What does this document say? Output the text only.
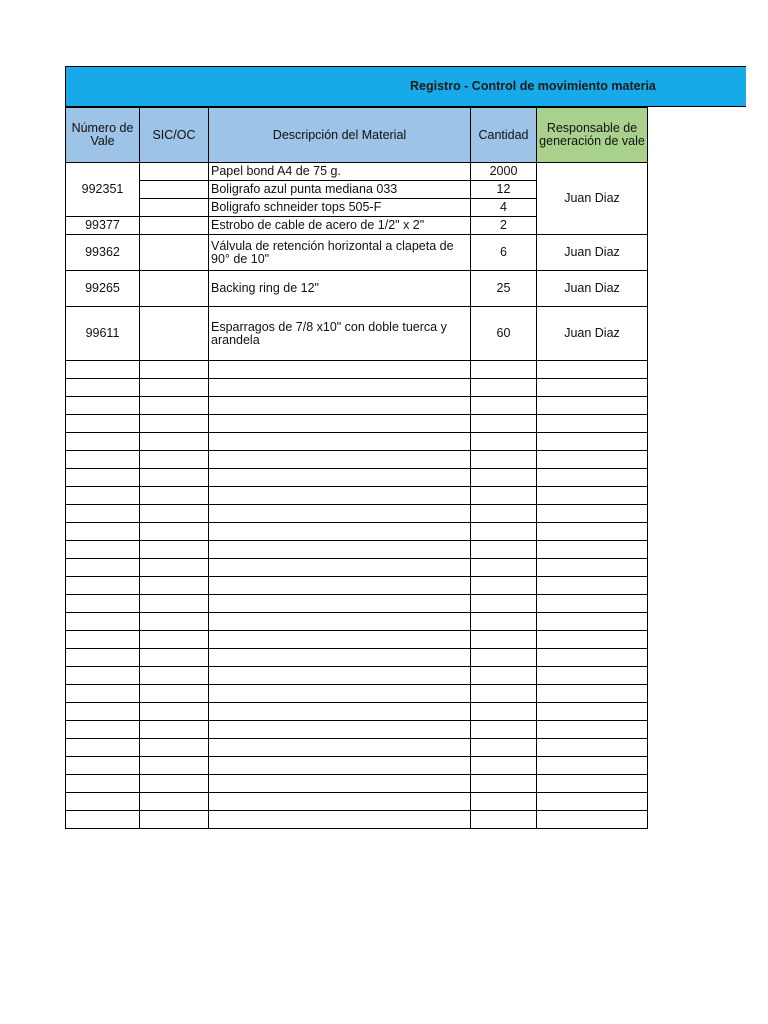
Registro - Control de movimiento materia
Número de Vale	SIC/OC	Descripción del Material	Cantidad	Responsable de generación de vale
992351		Papel bond A4 de 75 g.	2000	Juan Diaz
		Boligrafo azul punta mediana 033	12	
		Boligrafo schneider tops 505-F	4	
99377		Estrobo de cable de acero de 1/2" x 2"	2	
99362		Válvula de retención horizontal a clapeta de 90° de 10"	6	Juan Diaz
99265		Backing ring de 12"	25	Juan Diaz
99611		Esparragos de 7/8 x10" con doble tuerca y arandela	60	Juan Diaz
